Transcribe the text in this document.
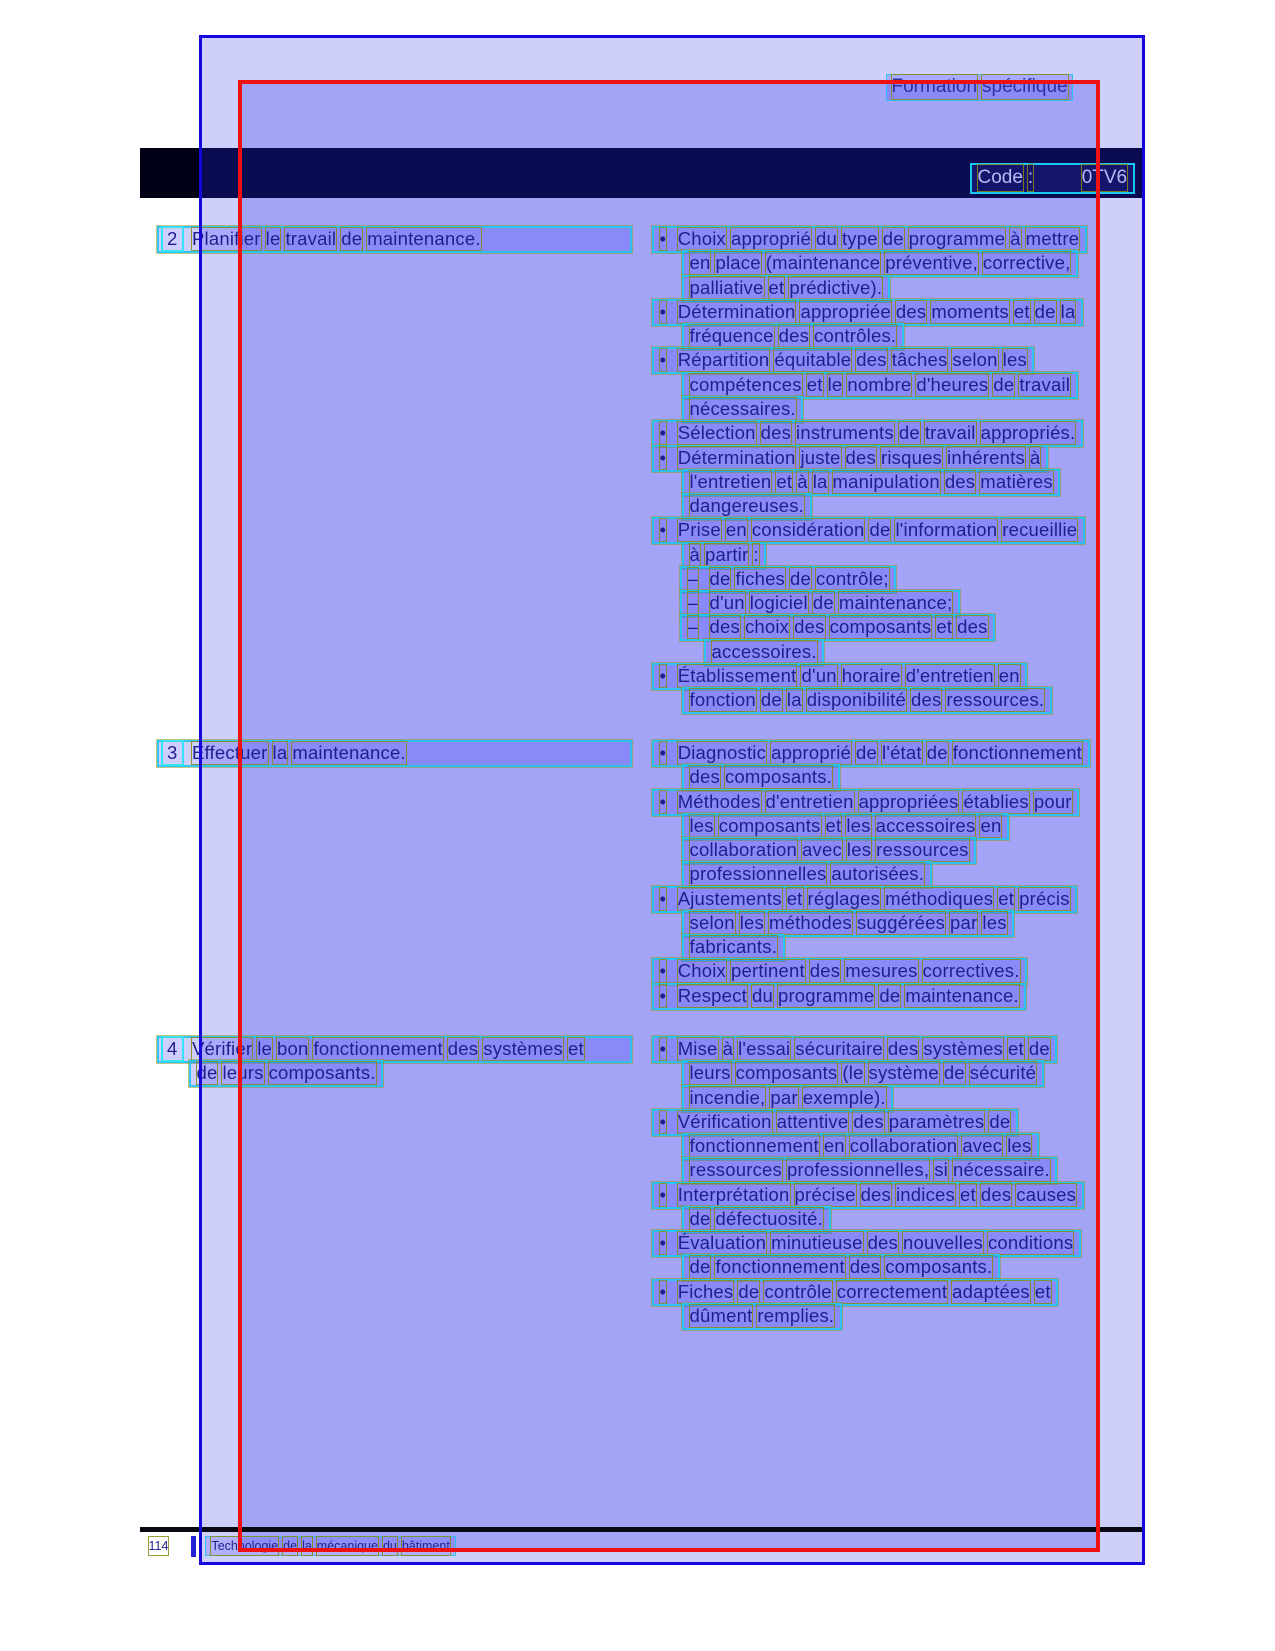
Formation spécifique
Code :	0TV6
2 Planifier le travail de maintenance.
3 Effectuer la maintenance.
4 Vérifier le bon fonctionnement des systèmes et
de leurs composants.
• Choix approprié du type de programme à mettre
en place (maintenance préventive, corrective,
palliative et prédictive).
• Détermination appropriée des moments et de la
fréquence des contrôles.
• Répartition équitable des tâches selon les
compétences et le nombre d'heures de travail
nécessaires.
• Sélection des instruments de travail appropriés.
• Détermination juste des risques inhérents à
l'entretien et à la manipulation des matières
dangereuses.
• Prise en considération de l'information recueillie
à partir :
– de fiches de contrôle;
– d'un logiciel de maintenance;
– des choix des composants et des
accessoires.
• Établissement d'un horaire d'entretien en
fonction de la disponibilité des ressources.
• Diagnostic approprié de l'état de fonctionnement
des composants.
• Méthodes d'entretien appropriées établies pour
les composants et les accessoires en
collaboration avec les ressources
professionnelles autorisées.
• Ajustements et réglages méthodiques et précis
selon les méthodes suggérées par les
fabricants.
• Choix pertinent des mesures correctives.
• Respect du programme de maintenance.
• Mise à l'essai sécuritaire des systèmes et de
leurs composants (le système de sécurité
incendie, par exemple).
• Vérification attentive des paramètres de
fonctionnement en collaboration avec les
ressources professionnelles, si nécessaire.
• Interprétation précise des indices et des causes
de défectuosité.
• Évaluation minutieuse des nouvelles conditions
de fonctionnement des composants.
• Fiches de contrôle correctement adaptées et
dûment remplies.
114	Technologie de la mécanique du bâtiment
